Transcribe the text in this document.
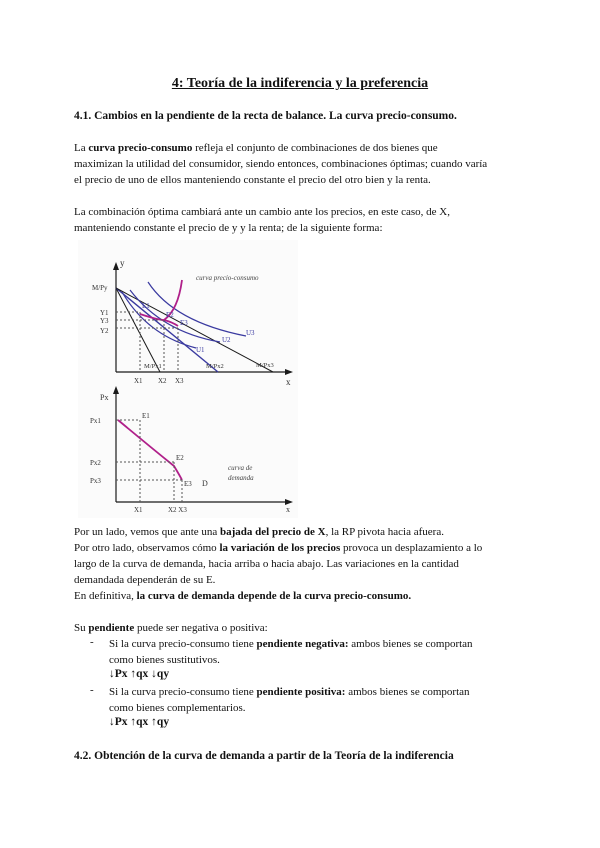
4: Teoría de la indiferencia y la preferencia
4.1. Cambios en la pendiente de la recta de balance. La curva precio-consumo.
La curva precio-consumo refleja el conjunto de combinaciones de dos bienes que
maximizan la utilidad del consumidor, siendo entonces, combinaciones óptimas; cuando varía
el precio de uno de ellos manteniendo constante el precio del otro bien y la renta.
La combinación óptima cambiará ante un cambio ante los precios, en este caso, de X,
manteniendo constante el precio de y y la renta; de la siguiente forma:
y
x
M/Py
curva precio-consumo
Y1
Y3
Y2
X1 X2 X3
E1
E2
E3
U1
U2
U3
M/Px1	M/Px2	M/Px3
Px
x
Px1
Px2
Px3
E1
E2
E3 D
curva de
demanda
X1	X2 X3
Por un lado, vemos que ante una bajada del precio de X, la RP pivota hacia afuera.
Por otro lado, observamos cómo la variación de los precios provoca un desplazamiento a lo
largo de la curva de demanda, hacia arriba o hacia abajo. Las variaciones en la cantidad
demandada dependerán de su E.
En definitiva, la curva de demanda depende de la curva precio-consumo.
Su pendiente puede ser negativa o positiva:
- Si la curva precio-consumo tiene pendiente negativa: ambos bienes se comportan
como bienes sustitutivos.
↓Px ↑qx ↓qy
- Si la curva precio-consumo tiene pendiente positiva: ambos bienes se comportan
como bienes complementarios.
↓Px ↑qx ↑qy
4.2. Obtención de la curva de demanda a partir de la Teoría de la indiferencia
